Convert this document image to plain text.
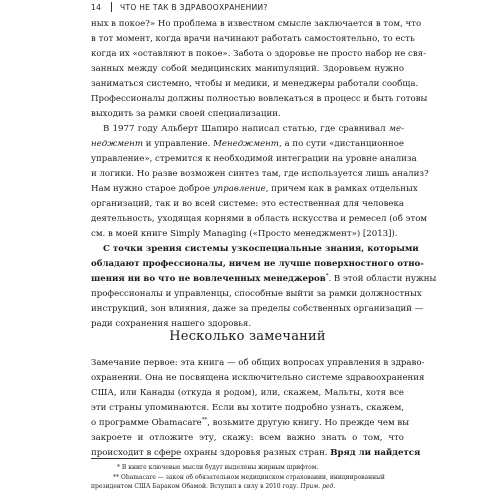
14	ЧТО НЕ ТАК В ЗДРАВООХРАНЕНИИ?

ных в покое?» Но проблема в известном смысле заключается в том, что
в тот момент, когда врачи начинают работать самостоятельно, то есть
когда их «оставляют в покое». Забота о здоровье не просто набор не свя-
занных между собой медицинских манипуляций. Здоровьем нужно
заниматься системно, чтобы и медики, и менеджеры работали сообща.
Профессионалы должны полностью вовлекаться в процесс и быть готовы
выходить за рамки своей специализации.

В 1977 году Альберт Шапиро написал статью, где сравнивал ме-
неджмент и управление. Менеджмент, а по сути «дистанционное
управление», стремится к необходимой интеграции на уровне анализа
и логики. Но разве возможен синтез там, где используется лишь анализ?
Нам нужно старое доброе управление, причем как в рамках отдельных
организаций, так и во всей системе: это естественная для человека
деятельность, уходящая корнями в область искусства и ремесел (об этом
см. в моей книге Simply Managing («Просто менеджмент») [2013]).

С точки зрения системы узкоспециальные знания, которыми
обладают профессионалы, ничем не лучше поверхностного отно-
шения ни во что не вовлеченных менеджеров*. В этой области нужны
профессионалы и управленцы, способные выйти за рамки должностных
инструкций, зон влияния, даже за пределы собственных организаций —
ради сохранения нашего здоровья.

Несколько замечаний

Замечание первое: эта книга — об общих вопросах управления в здраво-
охранении. Она не посвящена исключительно системе здравоохранения
США, или Канады (откуда я родом), или, скажем, Мальты, хотя все
эти страны упоминаются. Если вы хотите подробно узнать, скажем,
о программе Obamacare**, возьмите другую книгу. Но прежде чем вы
закроете и отложите эту, скажу: всем важно знать о том, что
происходит в сфере охраны здоровья разных стран. Вряд ли найдется

* В книге ключевые мысли будут выделены жирным шрифтом.
** Obamacare — закон об обязательном медицинском страховании, инициированный
президентом США Бараком Обамой. Вступил в силу в 2010 году. Прим. ред.
